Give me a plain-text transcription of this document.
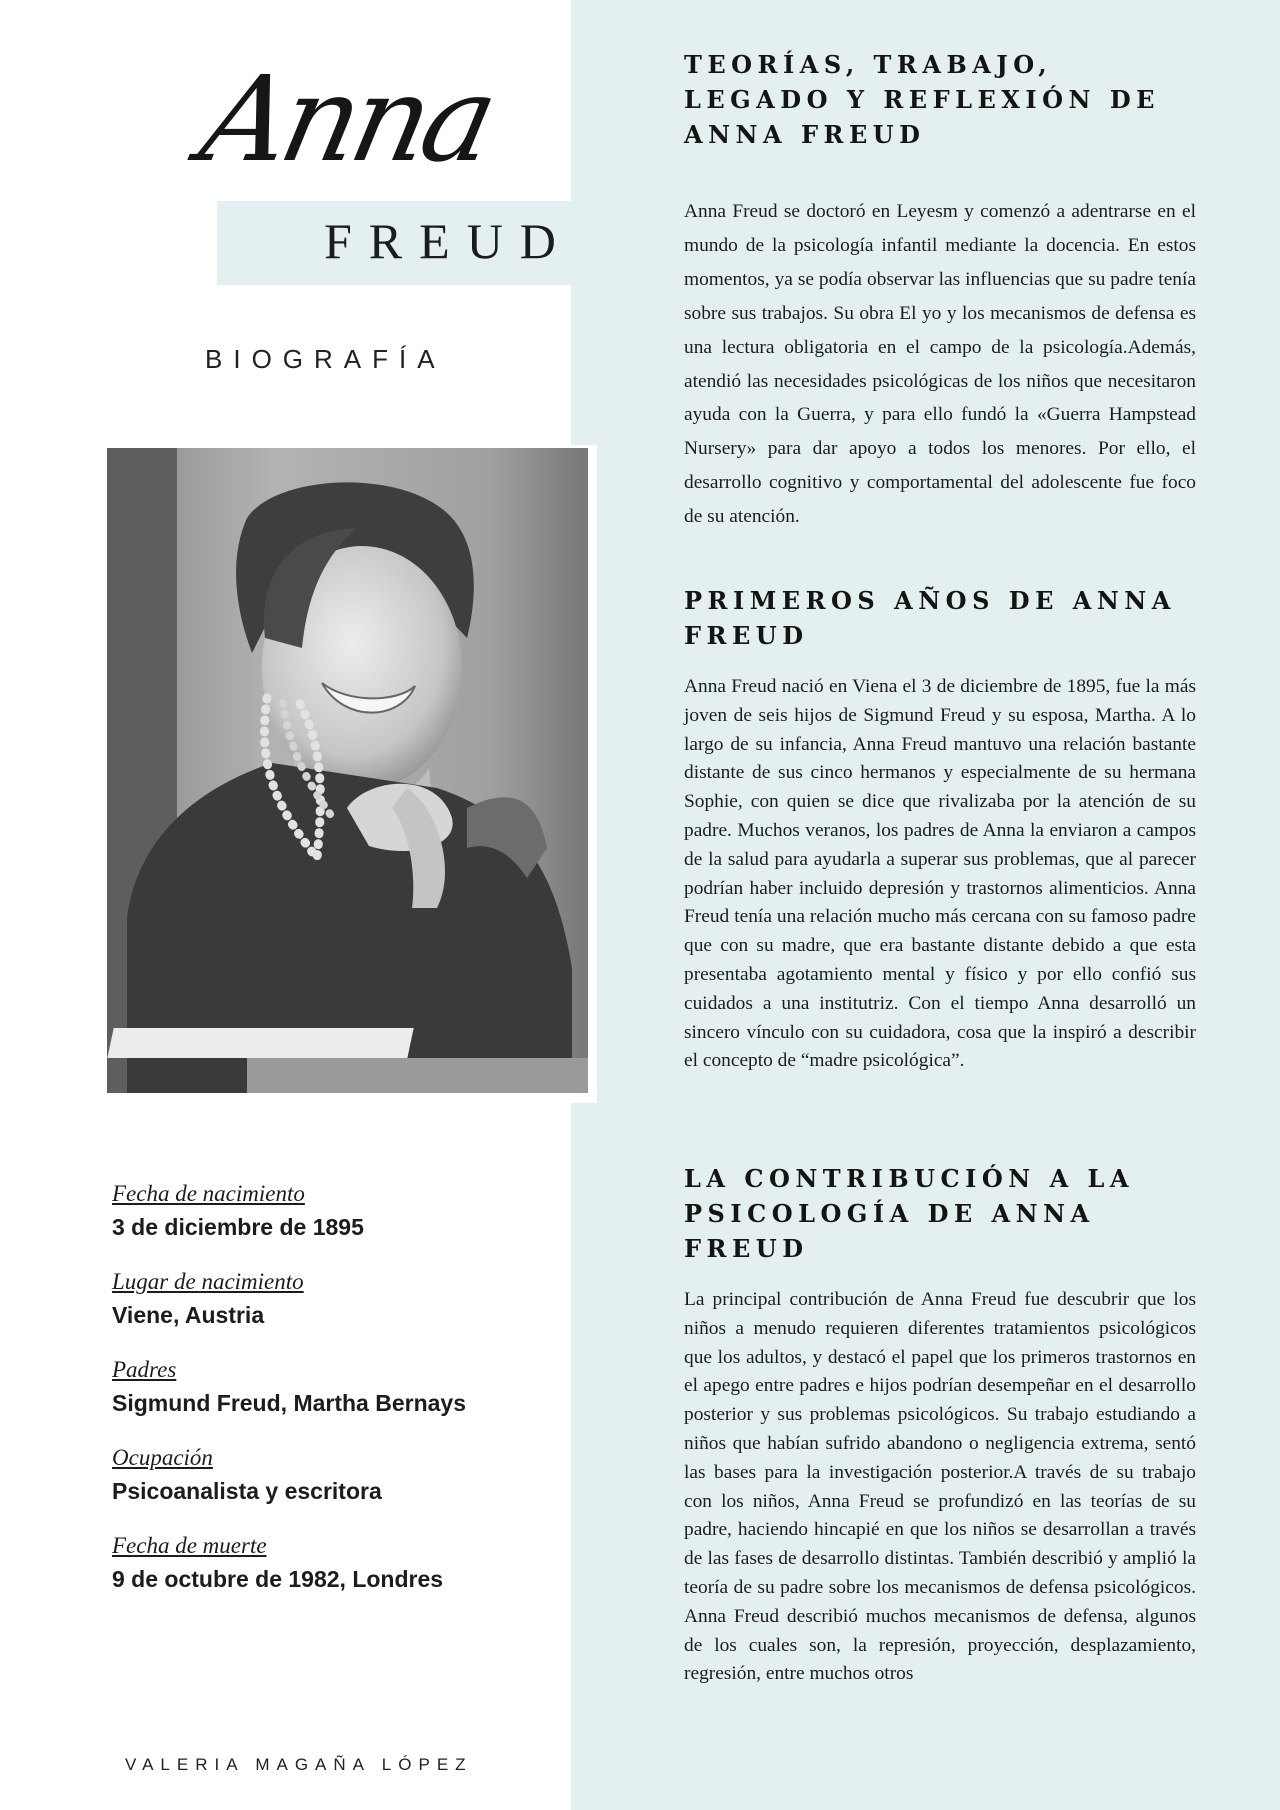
Anna
FREUD
BIOGRAFÍA
Fecha de nacimiento
3 de diciembre de 1895
Lugar de nacimiento
Viene, Austria
Padres
Sigmund Freud, Martha Bernays
Ocupación
Psicoanalista y escritora
Fecha de muerte
9 de octubre de 1982, Londres
VALERIA MAGAÑA LÓPEZ
TEORÍAS, TRABAJO, LEGADO Y REFLEXIÓN DE ANNA FREUD

Anna Freud se doctoró en Leyesm y comenzó a adentrarse en el mundo de la psicología infantil mediante la docencia. En estos momentos, ya se podía observar las influencias que su padre tenía sobre sus trabajos. Su obra El yo y los mecanismos de defensa es una lectura obligatoria en el campo de la psicología.Además, atendió las necesidades psicológicas de los niños que necesitaron ayuda con la Guerra, y para ello fundó la «Guerra Hampstead Nursery» para dar apoyo a todos los menores. Por ello, el desarrollo cognitivo y comportamental del adolescente fue foco de su atención.

PRIMEROS AÑOS DE ANNA FREUD

Anna Freud nació en Viena el 3 de diciembre de 1895, fue la más joven de seis hijos de Sigmund Freud y su esposa, Martha. A lo largo de su infancia, Anna Freud mantuvo una relación bastante distante de sus cinco hermanos y especialmente de su hermana Sophie, con quien se dice que rivalizaba por la atención de su padre. Muchos veranos, los padres de Anna la enviaron a campos de la salud para ayudarla a superar sus problemas, que al parecer podrían haber incluido depresión y trastornos alimenticios. Anna Freud tenía una relación mucho más cercana con su famoso padre que con su madre, que era bastante distante debido a que esta presentaba agotamiento mental y físico y por ello confió sus cuidados a una institutriz. Con el tiempo Anna desarrolló un sincero vínculo con su cuidadora, cosa que la inspiró a describir el concepto de “madre psicológica”.

LA CONTRIBUCIÓN A LA PSICOLOGÍA DE ANNA FREUD

La principal contribución de Anna Freud fue descubrir que los niños a menudo requieren diferentes tratamientos psicológicos que los adultos, y destacó el papel que los primeros trastornos en el apego entre padres e hijos podrían desempeñar en el desarrollo posterior y sus problemas psicológicos. Su trabajo estudiando a niños que habían sufrido abandono o negligencia extrema, sentó las bases para la investigación posterior.A través de su trabajo con los niños, Anna Freud se profundizó en las teorías de su padre, haciendo hincapié en que los niños se desarrollan a través de las fases de desarrollo distintas. También describió y amplió la teoría de su padre sobre los mecanismos de defensa psicológicos. Anna Freud describió muchos mecanismos de defensa, algunos de los cuales son, la represión, proyección, desplazamiento, regresión, entre muchos otros
